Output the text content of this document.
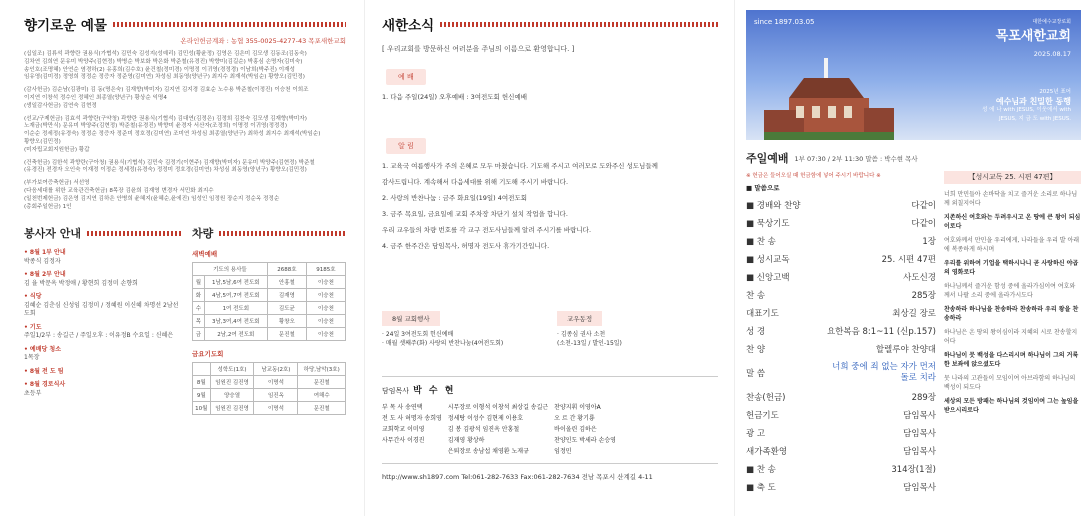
향기로운 예물
온라인헌금계좌 : 농협 355-0025-4277-43 목포새한교회
(십일조) 김류석 곽향란 권용식(가협석) 김민숙 김성지(성예리) 김민성(황윤정) 김영은 김은미 김모생 김동조(김동숙)
김차연 김희연 문유미 박양주(김현정) 박병순 박보화 박은화 박준철(유경진) 박향미(김길순) 박홍심 손명자(김미숙)
송인호(조명혜) 안연순 염경하(2) 유홍희(김수호) 윤건철(정미경) 이명정 이귀영(경정경) 이남희(박주진) 이재성
임유영(김미정) 정영희 정정순 정증자 정준영(김미연) 차성심 최동영(양년구) 최지수 최재석(박임순) 황향오(김민정)
(감사헌금) 김순남(김광미) 김 동(명은숙) 김재향(박미자) 김지연 김지경 김효순 노수용 박준철(이정진) 이승천 이희조
이지연 이창석 정수인 정혜인 최종열(양년구) 황상순 익명4
(생일감사헌금) 김연숙 김현정
(선교/구제헌금) 김효석 곽향란(구약청) 곽향란 권용식(기협석) 김대연(김정은) 김정희 김찬숙 김모생 김재향(박미자)
노재금(박만식) 문유미 박양주(김현정) 박준철(유경진) 박향미 윤경자 서산자(조정희) 이명정 이귀영(정정경)
이순순 정세정(유경숙) 정정순 정증자 정준미 정호정(김미연) 조미연 차성심 최종열(양년구) 최하성 최지수 최재석(박임순)
황향오(김민정)
(미자립교회지원헌금) 황갑
(건축헌금) 김한석 곽향란(구아청) 권용식(기협석) 김민숙 김정기(이현주) 김재향(박미자) 문유미 박양주(김현정) 박준철
(유경진) 전경자 오인숙 이재정 이정순 정세정(유경숙) 정정미 정호경(김미연) 차성심 최동영(양년구) 황향오(김민정)
(부가보여증축헌금) 서선영
(다음세대를 위한 교육관건축헌금) 8목장 김윤희 김재영 변경자 서민화 최지수
(일천번제헌금) 김은영 김지연 김하은 안병희 윤혜지(윤혜순,윤에진) 임성인 임정원 장순지 정순옥 정정순
(총회주일헌금) 1인
봉사자 안내
• 8월 1부 안내
박종식 김정자
• 8월 2부 안내
김 율 박문옥 박정애 / 황현희 김정미 손향희
• 식당
김혜순 김춘심 신성임 김정미 / 정혜원 이신혜 차명선 2남선도회
• 기도
주일1/2부 : 송길근 / 주일오후 : 이유정B 수요일 : 신혜은
• 예배당 청소
1목장
• 8월 전 도 팀
• 8월 경로식사
초등부
차량
새벽예배
기도의 용사들		2688호	9185호
월	1남,5남,6여 전도회	안홍철	이승천
화	4남,5여,7여 전도회	김재영	이승천
수	1여 전도회	김도균	이승천
목	3남,3여,4여 전도회	황창오	이승천
금	2남,2여 전도회	문진철	이승천
금요기도회
	성학도(1호)	남교동(2호)	하당,남악(3호)
8월	임원진 김진영	이명석	문진철
9월	양승열	임진옥	여해수
10월	임원진 김진영	이명석	문진철
새한소식
[ 우리교회를 방문하신 여러분을 주님의 이름으로 환영합니다. ]
예 배
1. 다음 주일(24일) 오후예배 : 3여전도회 헌신예배
알 림
1. 교육국 여름행사가 주의 은혜로 모두 마쳤습니다. 기도해 주시고 여러모로 도와주신 성도님들께
감사드립니다. 계속해서 다음세대를 위해 기도해 주시기 바랍니다.
2. 사랑의 반찬나눔 : 금주 화요일(19일) 4여전도회
3. 금주 목요일, 금요일에 교회 주차장 차단기 설치 작업을 합니다.
우리 교우들의 차량 번호를 각 교구 전도사님들께 알려 주시기를 바랍니다.
4. 금주 한주간은 담임목사, 허명자 전도사 휴가기간입니다.
8월 교회행사
· 24일 3여전도회 헌신예배
· 매월 셋째주(화) 사랑의 반찬나눔(4여전도회)
교우동정
· 김종심 권사 소천
(소천-13일 / 발인-15일)
담임목사 박 수 현
부 목 사 송연택
전 도 사 허명자 송희영
교회학교 이미영
사무간사 이경진
시무장로 이형석 이창석 최상길 송길근
정세탕 이성수 김현제 이용호
김 봉 김광석 임진옥 안홍철
김재영 황상하
은퇴장로 송남섭 채영환 노재규
찬양지휘 이영아A
오 르 간 황기룡
바이올린 김하은
찬양인도 박세라 손승영
임정민
http://www.sh1897.com Tel:061-282-7633 Fax:061-282-7634 전남 목포시 산계길 4-11
since 1897.03.05	대한예수교장로회
목포새한교회
2025.08.17
2025년 표어
예수님과 친밀한 동행
성 에 나 with JESUS, 이웃에서 with JESUS, 지 금 도 with JESUS.
주일예배 1부 07:30 / 2부 11:30 말씀 : 박수현 목사
※ 헌금은 들어오실 때 헌금함에 넣어 주시기 바랍니다 ※
■ 말씀으로
■ 경배와 찬양	다같이
■ 묵상기도	다같이
■ 찬 송	1장
■ 성시교독	25. 시편 47편
■ 신앙고백	사도신경
찬 송	285장
대표기도	최상길 장로
성 경	요한복음 8:1~11 (신p.157)
찬 양	할렐루야 찬양대
말 씀
너희 중에 죄 없는 자가 먼저 돌로 치라
찬송(헌금)	289장
헌금기도	담임목사
광 고	담임목사
새가족환영	담임목사
■ 찬 송	314장(1절)
■ 축 도	담임목사
【성시교독 25. 시편 47편】

너희 만민들아 손바닥을 치고 즐거운 소리로 하나님께 외칠지어다

지존하신 여호와는 두려우시고 온 땅에 큰 왕이 되심이로다

여호와께서 만민을 우리에게, 나라들을 우리 발 아래에 복종하게 하시며

우리를 위하여 기업을 택하시나니 곧 사랑하신 야곱의 영화로다

하나님께서 즐거운 함성 중에 올라가심이여 여호와께서 나팔 소리 중에 올라가시도다

찬송하라 하나님을 찬송하라 찬송하라 우리 왕을 찬송하라

하나님은 온 땅의 왕이심이라 지혜의 시로 찬송할지어다

하나님이 뭇 백성을 다스리시며 하나님이 그의 거룩한 보좌에 앉으셨도다

뭇 나라의 고관들이 모임이여 아브라함의 하나님의 백성이 되도다

세상의 모든 방패는 하나님의 것임이여 그는 높임을 받으시리로다
